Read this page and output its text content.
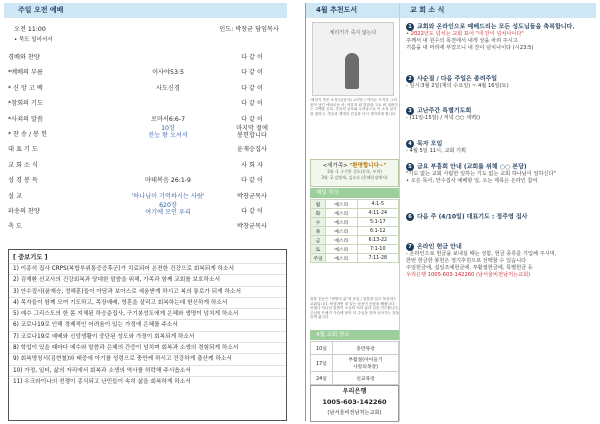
주일 오전 예배
오전 11:00	인도: 박창균 담임목사
• 묵도 일어서서
경배와 찬양	다 같 이
*예배의 부름	이사야53:5	다 같 이
* 신 앙 고 백	사도신경	다 같 이
*참회의 기도	다 같 이
*사죄의 말씀	로마서6:6-7	다 같 이
* 찬 송 / 봉 헌
10장
전능 왕 오셔서
마지막 절에
봉헌합니다
대 표 기 도	윤재승집사
교 회 소 식	사 회 자
성 경 봉 독	마태복음 26:1-9	다 같 이
설 교	'하나님이 기억하시는 사람'	박창균목사
파송의 찬양
620장
여기에 모인 우리	다 같 이
축 도	박창균목사
[ 중보기도 ]
1) 이종석 집사 CRPS(복합부위통증증후군)가 치료되어 온전한 건강으로 회복되게 하소서
2) 김재환 선교사의 건강회복과 당대한 말씀을 위해, 가족과 함께 교회를 보호하소서
3) 안수집사(윤재승, 정해훈)들이 아담과 보아스로 세움받게 하시고 복의 통로가 되게 하소서
4) 목자들이 함께 모여 기도하고, 목장예배, 영혼을 살리고 회복하는데 헌신하게 하소서
5) 예수 그리스도의 한 몸 지체된 하승준집사, 구기봉성도에게 은혜와 생명이 넘치게 하소서
6) 코로나19로 인해 경제적인 어려움이 있는 가정에 은혜를 주소서
7) 코로나19로 예배와 신앙생활이 중단된 성도와 가정이 회복되게 하소서
8) 학업이 있을 때마다 예수와 말씀과 은혜의 간증이 넘치며 회복과 소생의 경험되게 하소서
9) 회복명칭시(김현철)와 태중에 아기를 성령으로 충만케 하시고 건강하게 출산케 하소서
10) 가정, 일터, 삶의 자리에서 회복과 소생의 역사를 허락해 주시옵소서
11) 우크라이나의 전쟁이 종식되고 난민들이 속히 삶을 회복하게 하소서
4월 추천도서
체리키가 죽지 않는다
'체리키 작은 소설'(공동사) 요약문 / 이어온 뜨거운 그리움이 남긴 애처로운 마, 억유적 회 말함을 고요 써 내려가는 고백을 등록. 죽음의 공포와 두려움으로 이 소설 읽기를 권하고, 죽음과 생명의 진실을 다시 생각하게 합니다
<새가족> "환영합니다~"
3월 -1 구기봉 성도(등록, 부천)
3월 -2 김영재, 김오숙 (은혜목장에서)
매일 묵상
월	예스라	4:1-5
화	예스라	4:11-24
수	예스라	5:1-17
목	예스라	6:1-12
금	예스라	6:13-22
토	예스라	7:1-10
주일	예스라	7:11-28
말씀 본문은 "생명의 삶"과 동일 / 말씀을 읽고 묵상하는 교회입니다. 묵상하면 내 있는 마음이 응답을 해줍니다. 언제나 하나님 말씀이 오늘의 저의 삶과 길을 인도합니다. 주님의 은혜가 가슴에 닿아 더 주님을 알며 나아가는 것을 알게 됩니다
4월 교회 청소
10일	충만목장
17일	부활절(아이들기
사랑의목장)
24일	선교목장
우리은행
1005-603-142260
(남서울비전남처는교회)
교 회 소 식
1 교회와 온라인으로 예배드리는 모든 성도님들을 축복합니다.
• 2022년도 넘치는 교회 표어 "네 잔이 넘치나이다"
주께서 내 원수의 목전에서 내게 상을 차려 주시고
기름을 내 머리에 부었으니 내 잔이 넘치나이다 (시23:5)
2 사순절 / 다음 주일은 종려주일
- 일시:3월 2일(재의 수요일) ~ 4월 16일(토)
3 고난주간 특별기도회
- (11일-15일) / 저녁 ○○ 새벽()
4 목자 모임
- 4월 5일 11시, 교회 기획
5 금요 부흥회 안내 (교회를 위해 ○○ 본당)
"기도 없는 교회 사람한 일하는 기도 없는 교회 하나님이 일하신다"
• 오은 목사, 안수집사 예배할 일, 오는 제목은 온라인 참여
6 다음 주 (4/10일) 대표기도 : 정주영 집사
7 온라인 헌금 안내
- 온라인으로 헌금을 보내실 때는 성함, 헌금 종류를 기입해 주시며,
한번 헌금한 봉헌은 정기후원으로 선택할 수 있습니다
주일헌금에, 십일조예헌금에, 부활절헌금에, 특별헌금 등
우리은행 1005-603-142260 (남서울비전남처는교회)
